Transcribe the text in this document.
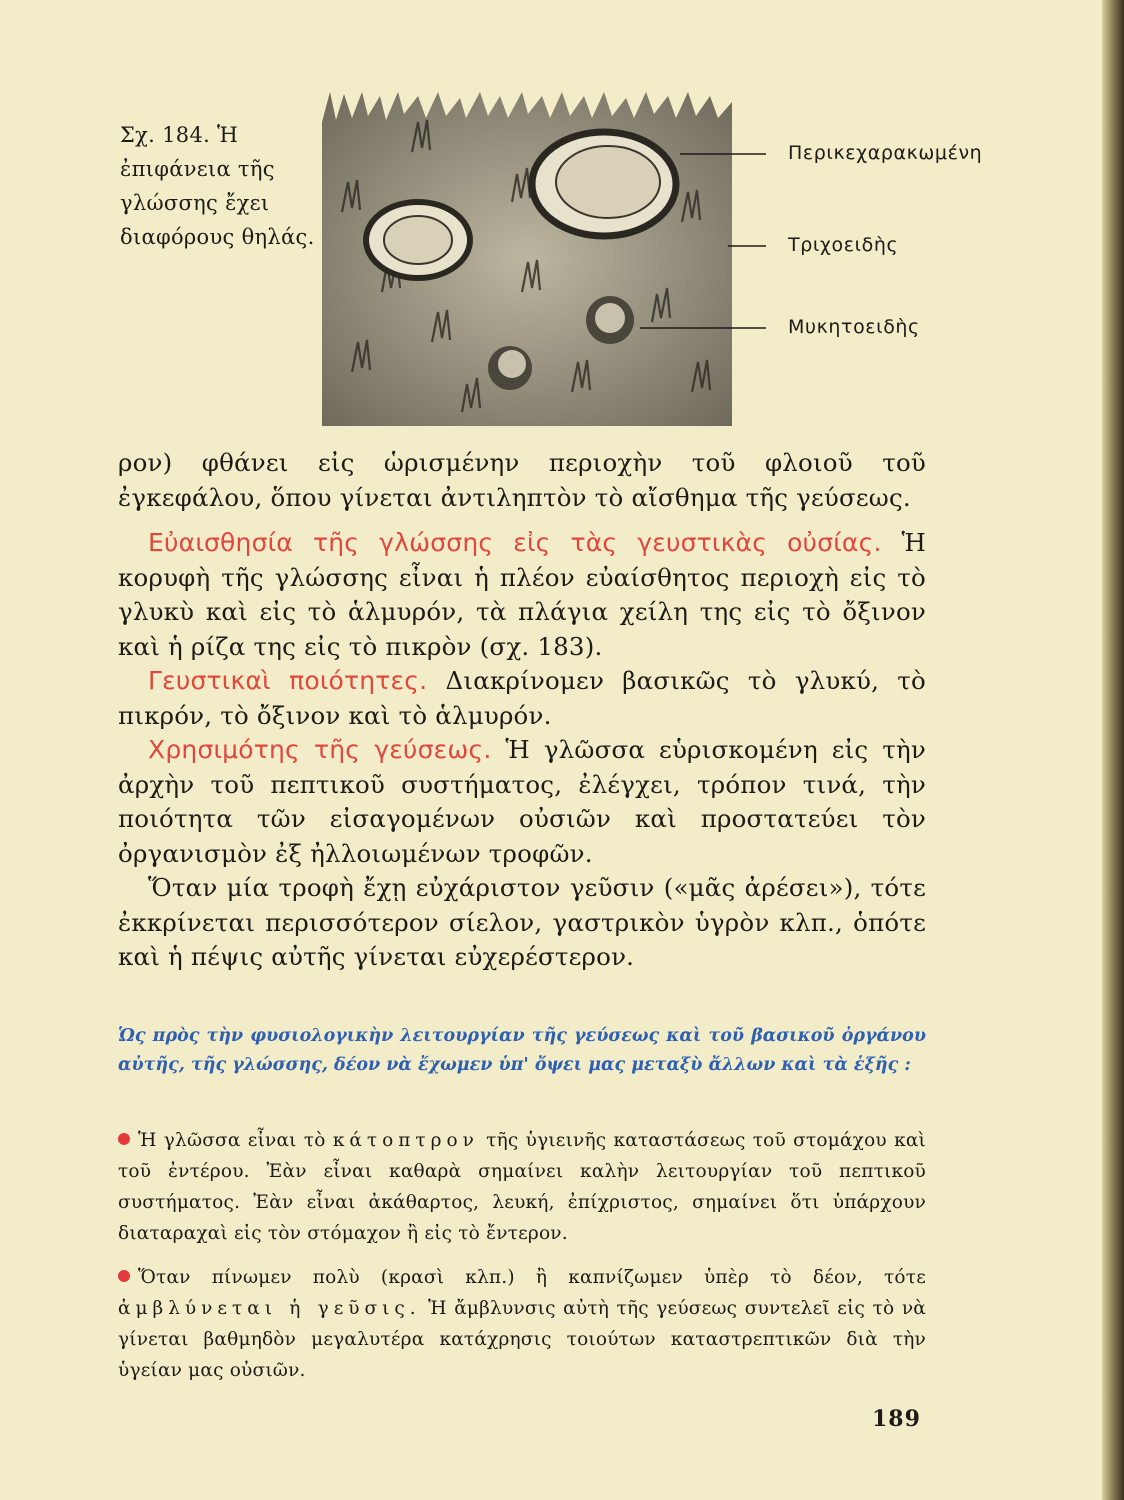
Σχ. 184. Ἡ ἐπιφάνεια τῆς γλώσσης ἔχει διαφόρους θηλάς.
Περικεχαρακωμένη
Τριχοειδὴς
Μυκητοειδὴς

ρον) φθάνει εἰς ὡρισμένην περιοχὴν τοῦ φλοιοῦ τοῦ ἐγκεφάλου, ὅπου γίνεται ἀντιληπτὸν τὸ αἴσθημα τῆς γεύσεως.

Εὐαισθησία τῆς γλώσσης εἰς τὰς γευστικὰς οὐσίας. Ἡ κορυφὴ τῆς γλώσσης εἶναι ἡ πλέον εὐαίσθητος περιοχὴ εἰς τὸ γλυκὺ καὶ εἰς τὸ ἁλμυρόν, τὰ πλάγια χείλη της εἰς τὸ ὄξινον καὶ ἡ ρίζα της εἰς τὸ πικρὸν (σχ. 183).

Γευστικαὶ ποιότητες. Διακρίνομεν βασικῶς τὸ γλυκύ, τὸ πικρόν, τὸ ὄξινον καὶ τὸ ἁλμυρόν.

Χρησιμότης τῆς γεύσεως. Ἡ γλῶσσα εὑρισκομένη εἰς τὴν ἀρχὴν τοῦ πεπτικοῦ συστήματος, ἐλέγχει, τρόπον τινά, τὴν ποιότητα τῶν εἰσαγομένων οὐσιῶν καὶ προστατεύει τὸν ὀργανισμὸν ἐξ ἠλλοιωμένων τροφῶν.

Ὅταν μία τροφὴ ἔχῃ εὐχάριστον γεῦσιν («μᾶς ἀρέσει»), τότε ἐκκρίνεται περισσότερον σίελον, γαστρικὸν ὑγρὸν κλπ., ὁπότε καὶ ἡ πέψις αὐτῆς γίνεται εὐχερέστερον.

Ὡς πρὸς τὴν φυσιολογικὴν λειτουργίαν τῆς γεύσεως καὶ τοῦ βασικοῦ ὀργάνου αὐτῆς, τῆς γλώσσης, δέον νὰ ἔχωμεν ὑπ' ὄψει μας μεταξὺ ἄλλων καὶ τὰ ἑξῆς :

Ἡ γλῶσσα εἶναι τὸ κάτοπτρον τῆς ὑγιεινῆς καταστάσεως τοῦ στομάχου καὶ τοῦ ἐντέρου. Ἐὰν εἶναι καθαρὰ σημαίνει καλὴν λειτουργίαν τοῦ πεπτικοῦ συστήματος. Ἐὰν εἶναι ἀκάθαρτος, λευκή, ἐπίχριστος, σημαίνει ὅτι ὑπάρχουν διαταραχαὶ εἰς τὸν στόμαχον ἢ εἰς τὸ ἔντερον.

Ὅταν πίνωμεν πολὺ (κρασὶ κλπ.) ἢ καπνίζωμεν ὑπὲρ τὸ δέον, τότε ἀμβλύνεται ἡ γεῦσις. Ἡ ἄμβλυνσις αὐτὴ τῆς γεύσεως συντελεῖ εἰς τὸ νὰ γίνεται βαθμηδὸν μεγαλυτέρα κατάχρησις τοιούτων καταστρεπτικῶν διὰ τὴν ὑγείαν μας οὐσιῶν.

189
